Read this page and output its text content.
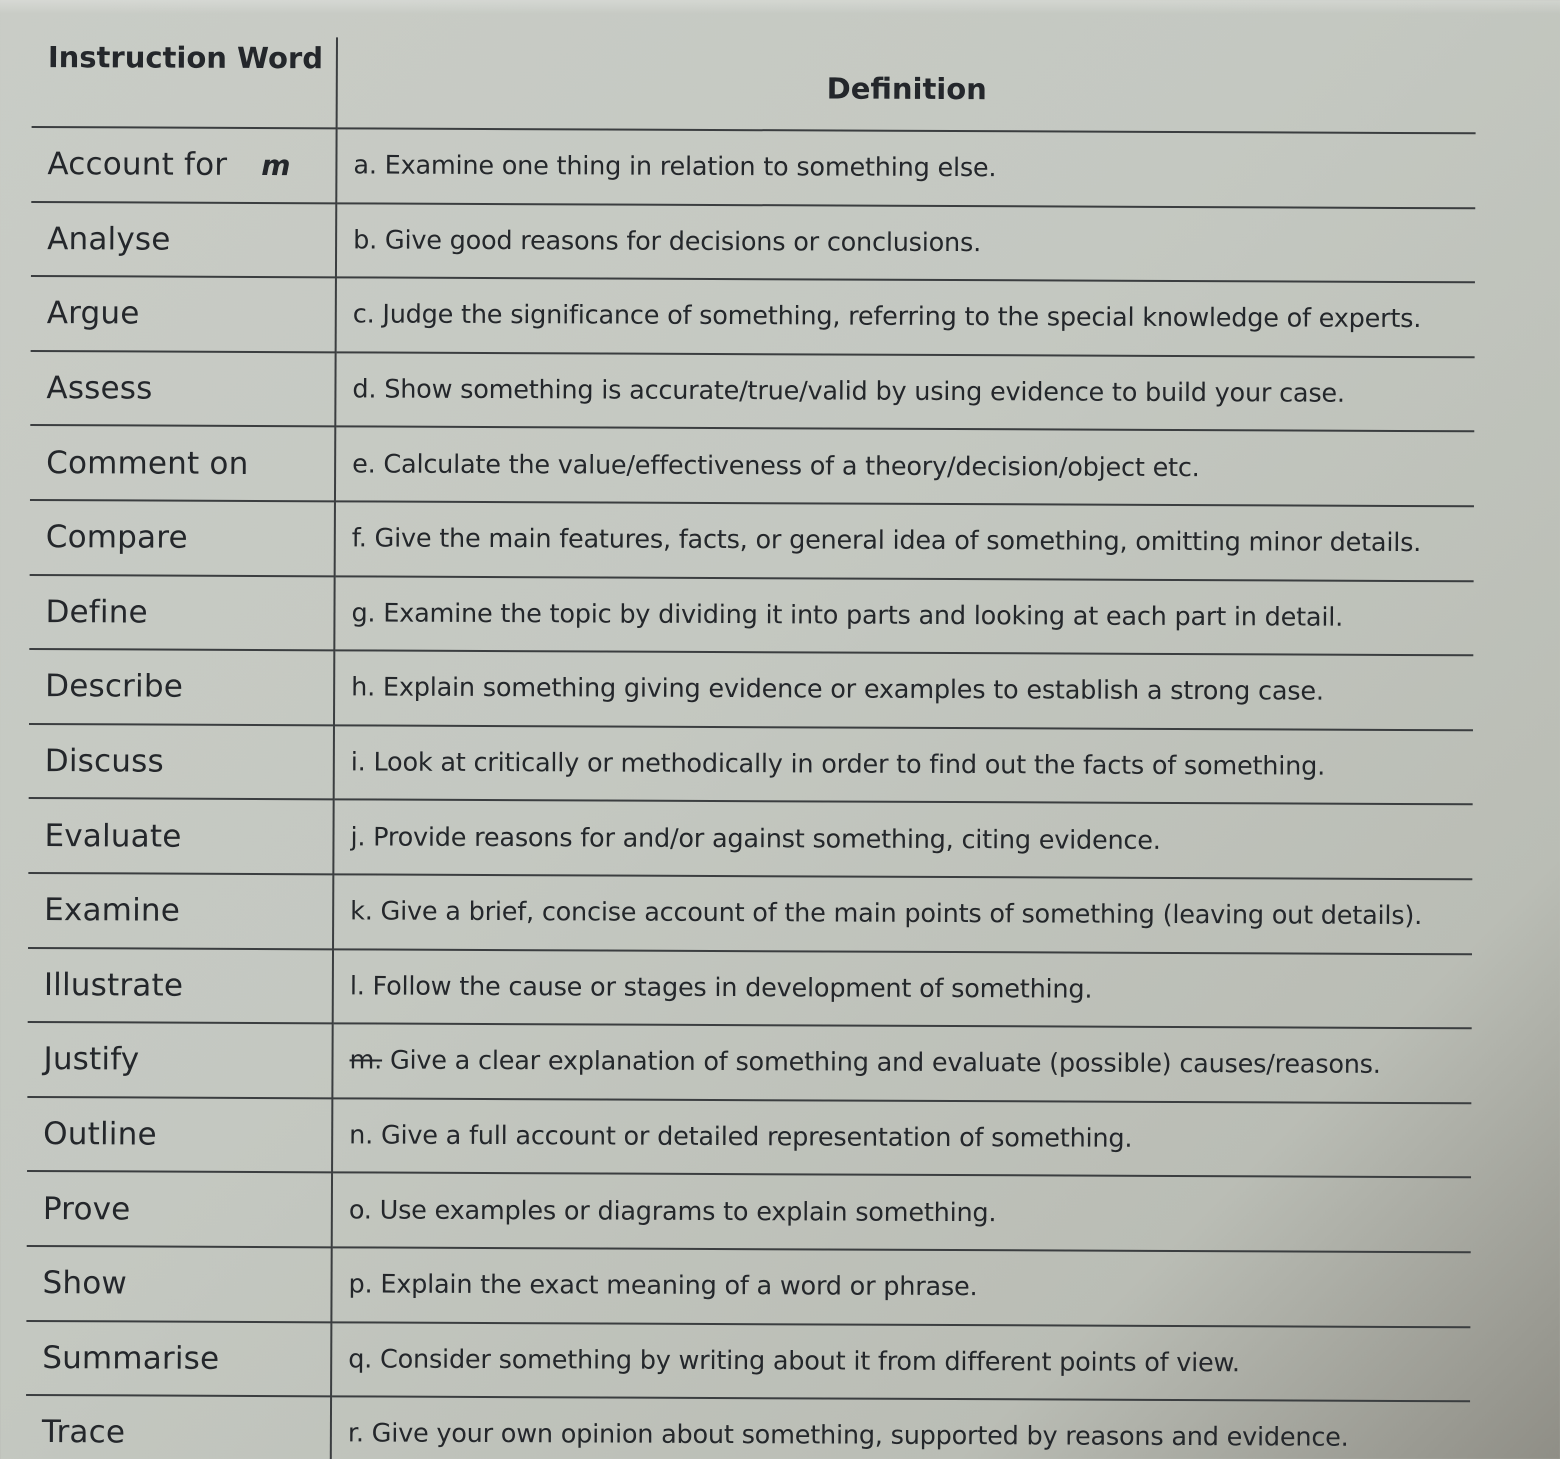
Instruction Word	Definition
Account for m	a. Examine one thing in relation to something else.
Analyse	b. Give good reasons for decisions or conclusions.
Argue	c. Judge the significance of something, referring to the special knowledge of experts.
Assess	d. Show something is accurate/true/valid by using evidence to build your case.
Comment on	e. Calculate the value/effectiveness of a theory/decision/object etc.
Compare	f. Give the main features, facts, or general idea of something, omitting minor details.
Define	g. Examine the topic by dividing it into parts and looking at each part in detail.
Describe	h. Explain something giving evidence or examples to establish a strong case.
Discuss	i. Look at critically or methodically in order to find out the facts of something.
Evaluate	j. Provide reasons for and/or against something, citing evidence.
Examine	k. Give a brief, concise account of the main points of something (leaving out details).
Illustrate	l. Follow the cause or stages in development of something.
Justify	m. Give a clear explanation of something and evaluate (possible) causes/reasons.
Outline	n. Give a full account or detailed representation of something.
Prove	o. Use examples or diagrams to explain something.
Show	p. Explain the exact meaning of a word or phrase.
Summarise	q. Consider something by writing about it from different points of view.
Trace	r. Give your own opinion about something, supported by reasons and evidence.
